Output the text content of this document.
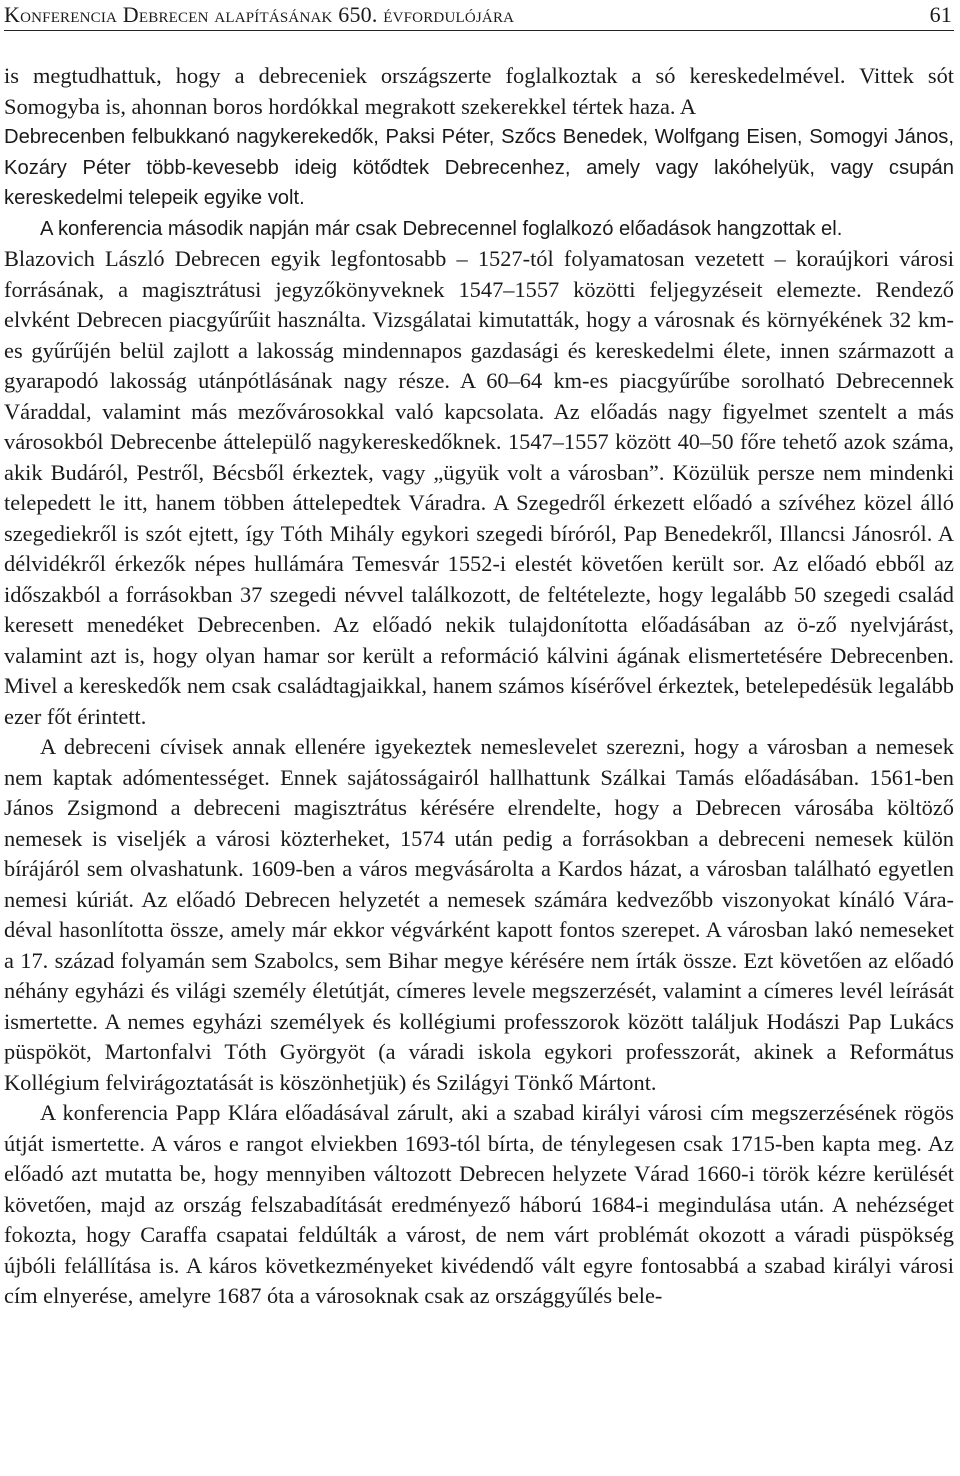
Konferencia Debrecen alapításának 650. évfordulójára	61

is megtudhattuk, hogy a debreceniek országszerte foglalkoztak a só kereskedelmével. Vittek sót Somogyba is, ahonnan boros hordókkal megrakott szekerekkel tértek haza. A

Debrecenben felbukkanó nagykerekedők, Paksi Péter, Szőcs Benedek, Wolfgang Eisen, Somogyi János, Kozáry Péter több-kevesebb ideig kötődtek Debrecenhez, amely vagy lakóhelyük, vagy csupán kereskedelmi telepeik egyike volt.

A konferencia második napján már csak Debrecennel foglalkozó előadások hangzottak el.

Blazovich László Debrecen egyik legfontosabb – 1527-tól folyamatosan vezetett – koraújkori városi forrásának, a magisztrátusi jegyzőkönyveknek 1547–1557 közötti feljegyzéseit elemezte. Rendező elvként Debrecen piacgyűrűit használta. Vizsgálatai kimutatták, hogy a városnak és környékének 32 km-es gyűrűjén belül zajlott a lakosság mindennapos gazdasági és kereskedelmi élete, innen származott a gyarapodó lakosság utánpótlásának nagy része. A 60–64 km-es piacgyűrűbe sorolható Debrecennek Váraddal, valamint más mezővárosokkal való kapcsolata. Az előadás nagy figyelmet szentelt a más városokból Debrecenbe áttelepülő nagykereskedőknek. 1547–1557 között 40–50 főre tehető azok száma, akik Budáról, Pestről, Bécsből érkeztek, vagy „ügyük volt a városban”. Közülük persze nem mindenki telepedett le itt, hanem többen áttelepedtek Váradra. A Szegedről érkezett előadó a szívéhez közel álló szegediekről is szót ejtett, így Tóth Mihály egykori szegedi bíróról, Pap Benedekről, Illancsi Jánosról. A délvidékről érkezők népes hullámára Temesvár 1552-i elestét követően került sor. Az előadó ebből az időszakból a forrásokban 37 szegedi névvel találkozott, de feltételezte, hogy legalább 50 szegedi család keresett menedéket Debrecenben. Az előadó nekik tulajdonította előadásában az ö-ző nyelvjárást, valamint azt is, hogy olyan hamar sor került a reformáció kálvini ágának elismertetésére Debrecenben. Mivel a kereskedők nem csak családtagjaikkal, hanem számos kísérővel érkeztek, betelepedésük legalább ezer főt érintett.

A debreceni cívisek annak ellenére igyekeztek nemeslevelet szerezni, hogy a városban a nemesek nem kaptak adómentességet. Ennek sajátosságairól hallhattunk Szálkai Tamás előadásában. 1561-ben János Zsigmond a debreceni magisztrátus kérésére elrendelte, hogy a Debrecen városába költöző nemesek is viseljék a városi közterheket, 1574 után pedig a forrásokban a debreceni nemesek külön bírájáról sem olvashatunk. 1609-ben a város megvásárolta a Kardos házat, a városban található egyetlen nemesi kúriát. Az előadó Debrecen helyzetét a nemesek számára kedvezőbb viszonyokat kínáló Váradéval hasonlította össze, amely már ekkor végvárként kapott fontos szerepet. A városban lakó nemeseket a 17. század folyamán sem Szabolcs, sem Bihar megye kérésére nem írták össze. Ezt követően az előadó néhány egyházi és világi személy életútját, címeres levele megszerzését, valamint a címeres levél leírását ismertette. A nemes egyházi személyek és kollégiumi professzorok között találjuk Hodászi Pap Lukács püspököt, Martonfalvi Tóth Györgyöt (a váradi iskola egykori professzorát, akinek a Református Kollégium felvirágoztatását is köszönhetjük) és Szilágyi Tönkő Mártont.

A konferencia Papp Klára előadásával zárult, aki a szabad királyi városi cím megszerzésének rögös útját ismertette. A város e rangot elviekben 1693-tól bírta, de ténylegesen csak 1715-ben kapta meg. Az előadó azt mutatta be, hogy mennyiben változott Debrecen helyzete Várad 1660-i török kézre kerülését követően, majd az ország felszabadítását eredményező háború 1684-i megindulása után. A nehézséget fokozta, hogy Caraffa csapatai feldúlták a várost, de nem várt problémát okozott a váradi püspökség újbóli felállítása is. A káros következményeket kivédendő vált egyre fontosabbá a szabad királyi városi cím elnyerése, amelyre 1687 óta a városoknak csak az országgyűlés bele-
